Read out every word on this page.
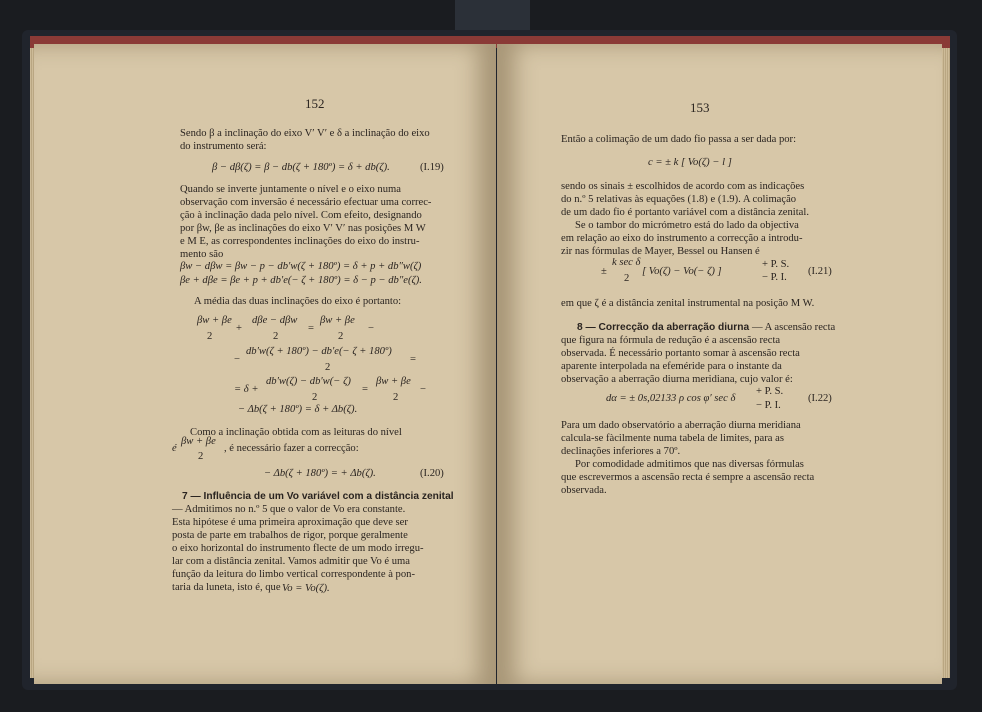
152
Sendo β a inclinação do eixo V′ V′ e δ a inclinação do eixo
do instrumento será:
β − dβ(ζ) = β − db(ζ + 180º) = δ + db(ζ).	(I.19)
Quando se inverte juntamente o nível e o eixo numa
observação com inversão é necessário efectuar uma correc-
ção à inclinação dada pelo nível. Com efeito, designando
por βw, βe as inclinações do eixo V′ V′ nas posições M W
e M E, as correspondentes inclinações do eixo do instru-
mento são
βw − dβw = βw − p − db′w(ζ + 180º) = δ + p + db″w(ζ)
βe + dβe = βe + p + db′e(− ζ + 180º) = δ − p − db″e(ζ).
A média das duas inclinações do eixo é portanto:
βw + βe
2
+
dβe − dβw
2
=
βw + βe
2
−
−
db′w(ζ + 180º) − db′e(− ζ + 180º)
2
=
= δ +
db′w(ζ) − db′w(− ζ)
2
=
βw + βe
2
−
− Δb(ζ + 180º) = δ + Δb(ζ).
Como a inclinação obtida com as leituras do nível
é
βw + βe
2
, é necessário fazer a correcção:
− Δb(ζ + 180º) = + Δb(ζ).	(I.20)
7 — Influência de um Vo variável com a distância zenital
— Admitimos no n.º 5 que o valor de Vo era constante.
Esta hipótese é uma primeira aproximação que deve ser
posta de parte em trabalhos de rigor, porque geralmente
o eixo horizontal do instrumento flecte de um modo irregu-
lar com a distância zenital. Vamos admitir que Vo é uma
função da leitura do limbo vertical correspondente à pon-
taria da luneta, isto é, que Vo = Vo(ζ).
153
Então a colimação de um dado fio passa a ser dada por:
c = ± k [ Vo(ζ) − l ]
sendo os sinais ± escolhidos de acordo com as indicações
do n.º 5 relativas às equações (1.8) e (1.9). A colimação
de um dado fio é portanto variável com a distância zenital.
Se o tambor do micrómetro está do lado da objectiva
em relação ao eixo do instrumento a correcção a introdu-
zir nas fórmulas de Mayer, Bessel ou Hansen é
±
k sec δ
2
[ Vo(ζ) − Vo(− ζ) ]
+ P. S.
− P. I.
(I.21)
em que ζ é a distância zenital instrumental na posição M W.
8 — Correcção da aberração diurna — A ascensão recta
que figura na fórmula de redução é a ascensão recta
observada. É necessário portanto somar à ascensão recta
aparente interpolada na efeméride para o instante da
observação a aberração diurna meridiana, cujo valor é:
dα = ± 0s,02133 ρ cos φ′ sec δ
+ P. S.
− P. I.
(I.22)
Para um dado observatório a aberração diurna meridiana
calcula-se fàcilmente numa tabela de limites, para as
declinações inferiores a 70º.
Por comodidade admitimos que nas diversas fórmulas
que escrevermos a ascensão recta é sempre a ascensão recta
observada.
